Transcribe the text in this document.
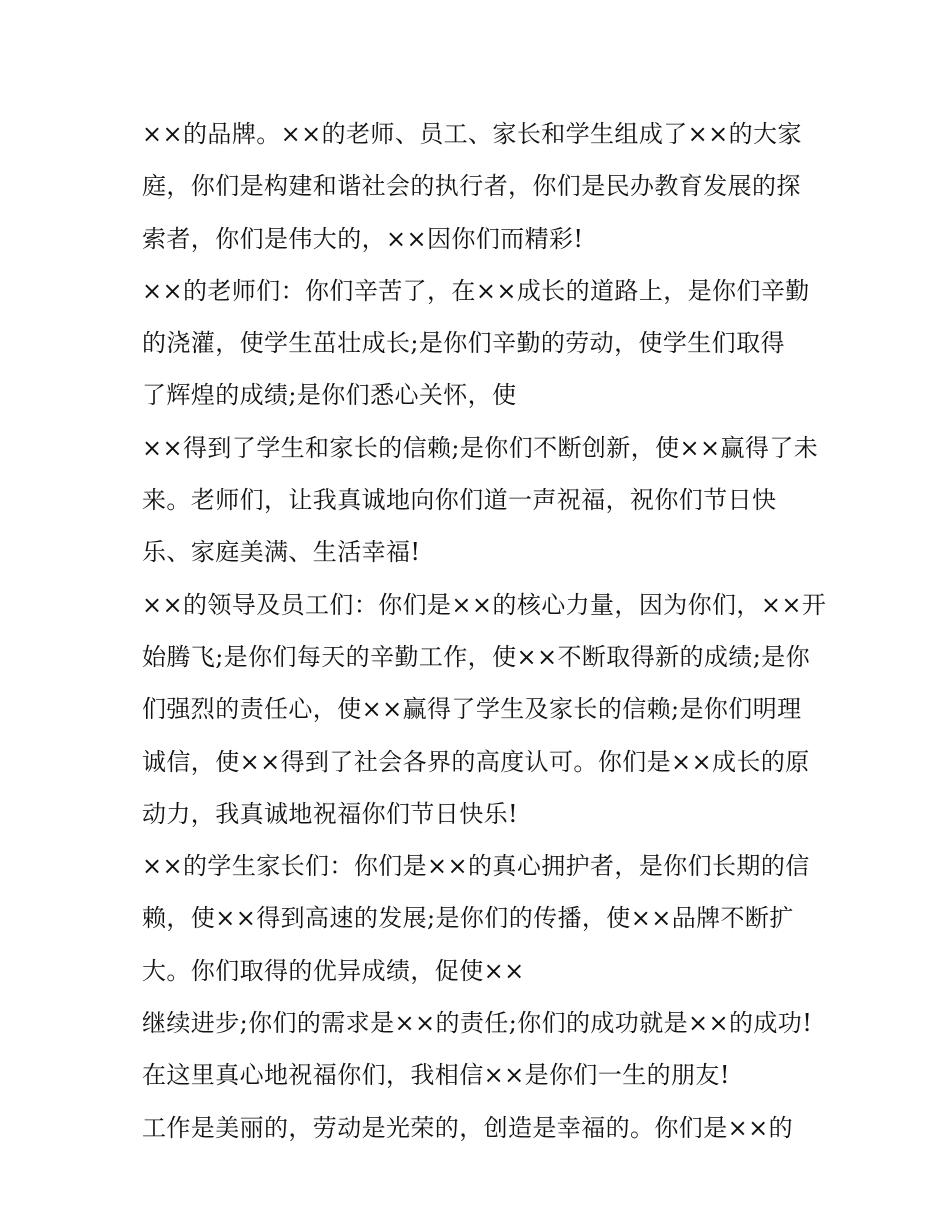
××的品牌。××的老师、员工、家长和学生组成了××的大家
庭，你们是构建和谐社会的执行者，你们是民办教育发展的探
索者，你们是伟大的，××因你们而精彩!
××的老师们：你们辛苦了，在××成长的道路上，是你们辛勤
的浇灌，使学生茁壮成长;是你们辛勤的劳动，使学生们取得
了辉煌的成绩;是你们悉心关怀，使
××得到了学生和家长的信赖;是你们不断创新，使××赢得了未
来。老师们，让我真诚地向你们道一声祝福，祝你们节日快
乐、家庭美满、生活幸福!
××的领导及员工们：你们是××的核心力量，因为你们，××开
始腾飞;是你们每天的辛勤工作，使××不断取得新的成绩;是你
们强烈的责任心，使××赢得了学生及家长的信赖;是你们明理
诚信，使××得到了社会各界的高度认可。你们是××成长的原
动力，我真诚地祝福你们节日快乐!
××的学生家长们：你们是××的真心拥护者，是你们长期的信
赖，使××得到高速的发展;是你们的传播，使××品牌不断扩
大。你们取得的优异成绩，促使××
继续进步;你们的需求是××的责任;你们的成功就是××的成功!
在这里真心地祝福你们，我相信××是你们一生的朋友!
工作是美丽的，劳动是光荣的，创造是幸福的。你们是××的
